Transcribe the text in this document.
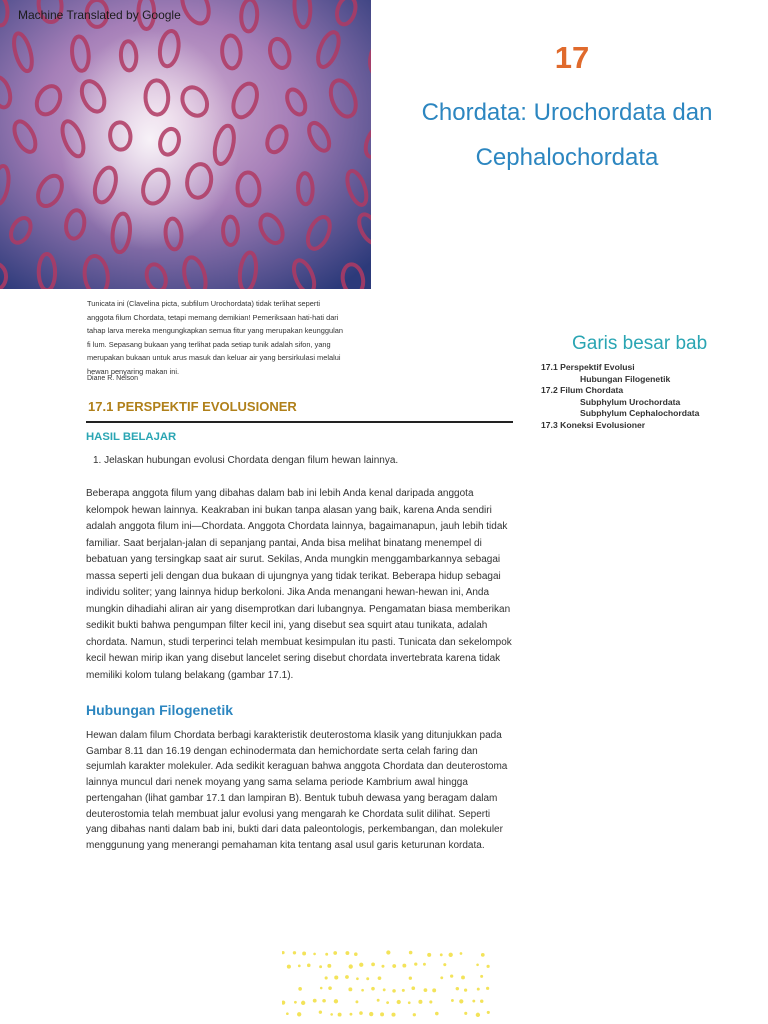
Machine Translated by Google
17
Chordata: Urochordata dan
Cephalochordata
Tunicata ini (Clavelina picta, subfilum Urochordata) tidak terlihat seperti
anggota filum Chordata, tetapi memang demikian! Pemeriksaan hati-hati dari
tahap larva mereka mengungkapkan semua fitur yang merupakan keunggulan
fi lum. Sepasang bukaan yang terlihat pada setiap tunik adalah sifon, yang
merupakan bukaan untuk arus masuk dan keluar air yang bersirkulasi melalui
hewan penyaring makan ini.
Diane R. Nelson
Garis besar bab
17.1 Perspektif Evolusi
Hubungan Filogenetik
17.2 Filum Chordata
Subphylum Urochordata
Subphylum Cephalochordata
17.3 Koneksi Evolusioner
17.1 PERSPEKTIF EVOLUSIONER
HASIL BELAJAR
1. Jelaskan hubungan evolusi Chordata dengan filum hewan lainnya.
Beberapa anggota filum yang dibahas dalam bab ini lebih Anda kenal daripada anggota
kelompok hewan lainnya. Keakraban ini bukan tanpa alasan yang baik, karena Anda sendiri
adalah anggota filum ini—Chordata. Anggota Chordata lainnya, bagaimanapun, jauh lebih tidak
familiar. Saat berjalan-jalan di sepanjang pantai, Anda bisa melihat binatang menempel di
bebatuan yang tersingkap saat air surut. Sekilas, Anda mungkin menggambarkannya sebagai
massa seperti jeli dengan dua bukaan di ujungnya yang tidak terikat. Beberapa hidup sebagai
individu soliter; yang lainnya hidup berkoloni. Jika Anda menangani hewan-hewan ini, Anda
mungkin dihadiahi aliran air yang disemprotkan dari lubangnya. Pengamatan biasa memberikan
sedikit bukti bahwa pengumpan filter kecil ini, yang disebut sea squirt atau tunikata, adalah
chordata. Namun, studi terperinci telah membuat kesimpulan itu pasti. Tunicata dan sekelompok
kecil hewan mirip ikan yang disebut lancelet sering disebut chordata invertebrata karena tidak
memiliki kolom tulang belakang (gambar 17.1).
Hubungan Filogenetik
Hewan dalam filum Chordata berbagi karakteristik deuterostoma klasik yang ditunjukkan pada
Gambar 8.11 dan 16.19 dengan echinodermata dan hemichordate serta celah faring dan
sejumlah karakter molekuler. Ada sedikit keraguan bahwa anggota Chordata dan deuterostoma
lainnya muncul dari nenek moyang yang sama selama periode Kambrium awal hingga
pertengahan (lihat gambar 17.1 dan lampiran B). Bentuk tubuh dewasa yang beragam dalam
deuterostomia telah membuat jalur evolusi yang mengarah ke Chordata sulit dilihat. Seperti
yang dibahas nanti dalam bab ini, bukti dari data paleontologis, perkembangan, dan molekuler
menggunung yang menerangi pemahaman kita tentang asal usul garis keturunan kordata.
